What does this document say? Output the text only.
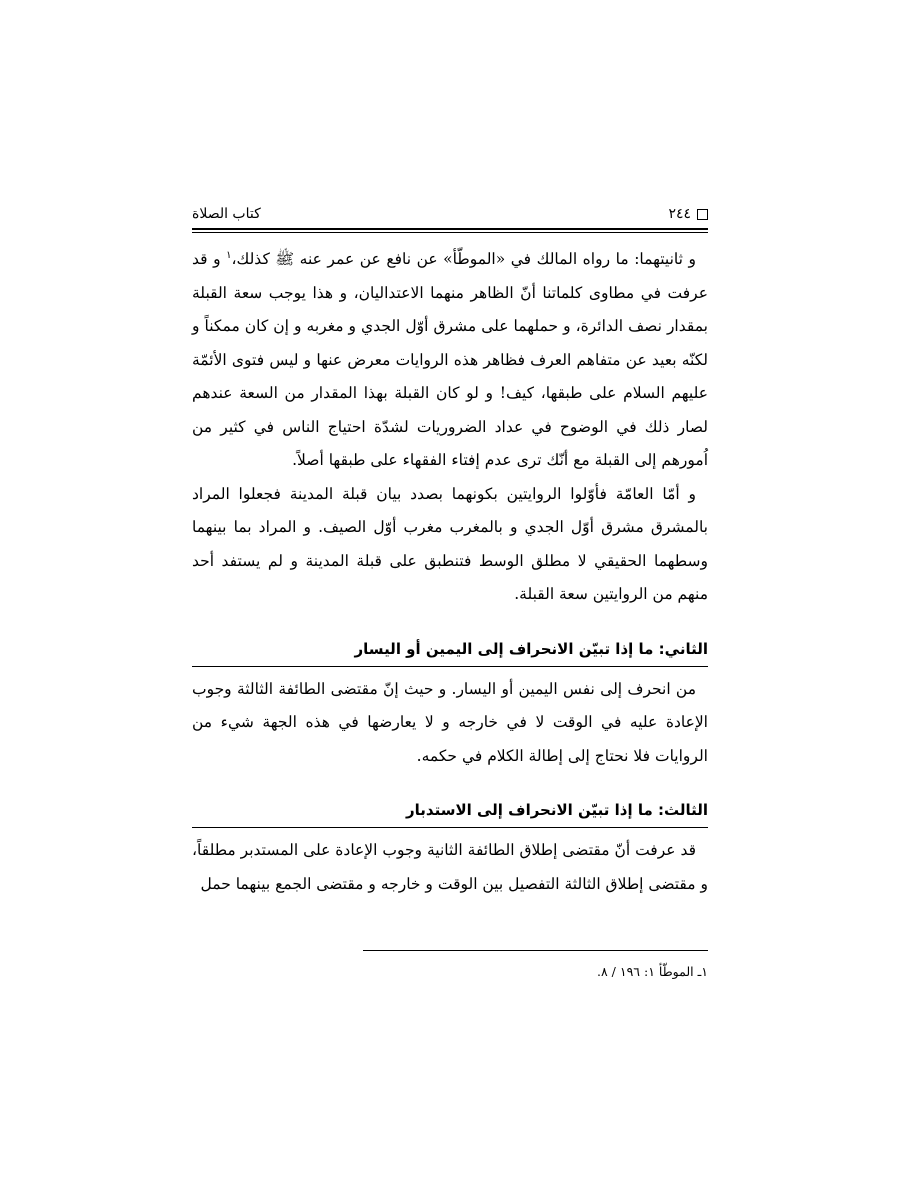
٢٤٤
كتاب الصلاة

و ثانيتهما: ما رواه المالك في «الموطّأ» عن نافع عن عمر عنه ﷺ كذلك،$^١$ و قد عرفت في مطاوى كلماتنا أنّ الظاهر منهما الاعتداليان، و هذا يوجب سعة القبلة بمقدار نصف الدائرة، و حملهما على مشرق أوّل الجدي و مغربه و إن كان ممكناً و لكنّه بعيد عن متفاهم العرف فظاهر هذه الروايات معرض عنها و ليس فتوى الأئمّة عليهم السلام على طبقها، كيف! و لو كان القبلة بهذا المقدار من السعة عندهم لصار ذلك في الوضوح في عداد الضروريات لشدّة احتياج الناس في كثير من اُمورهم إلى القبلة مع أنّك ترى عدم إفتاء الفقهاء على طبقها أصلاً.

و أمّا العامّة فأوّلوا الروايتين بكونهما بصدد بيان قبلة المدينة فجعلوا المراد بالمشرق مشرق أوّل الجدي و بالمغرب مغرب أوّل الصيف. و المراد بما بينهما وسطهما الحقيقي لا مطلق الوسط فتنطبق على قبلة المدينة و لم يستفد أحد منهم من الروايتين سعة القبلة.

الثاني: ما إذا تبيّن الانحراف إلى اليمين أو اليسار

من انحرف إلى نفس اليمين أو اليسار. و حيث إنّ مقتضى الطائفة الثالثة وجوب الإعادة عليه في الوقت لا في خارجه و لا يعارضها في هذه الجهة شيء من الروايات فلا نحتاج إلى إطالة الكلام في حكمه.

الثالث: ما إذا تبيّن الانحراف إلى الاستدبار

قد عرفت أنّ مقتضى إطلاق الطائفة الثانية وجوب الإعادة على المستدبر مطلقاً، و مقتضى إطلاق الثالثة التفصيل بين الوقت و خارجه و مقتضى الجمع بينهما حمل

١ـ الموطّأ ١: ١٩٦ / ٨.
